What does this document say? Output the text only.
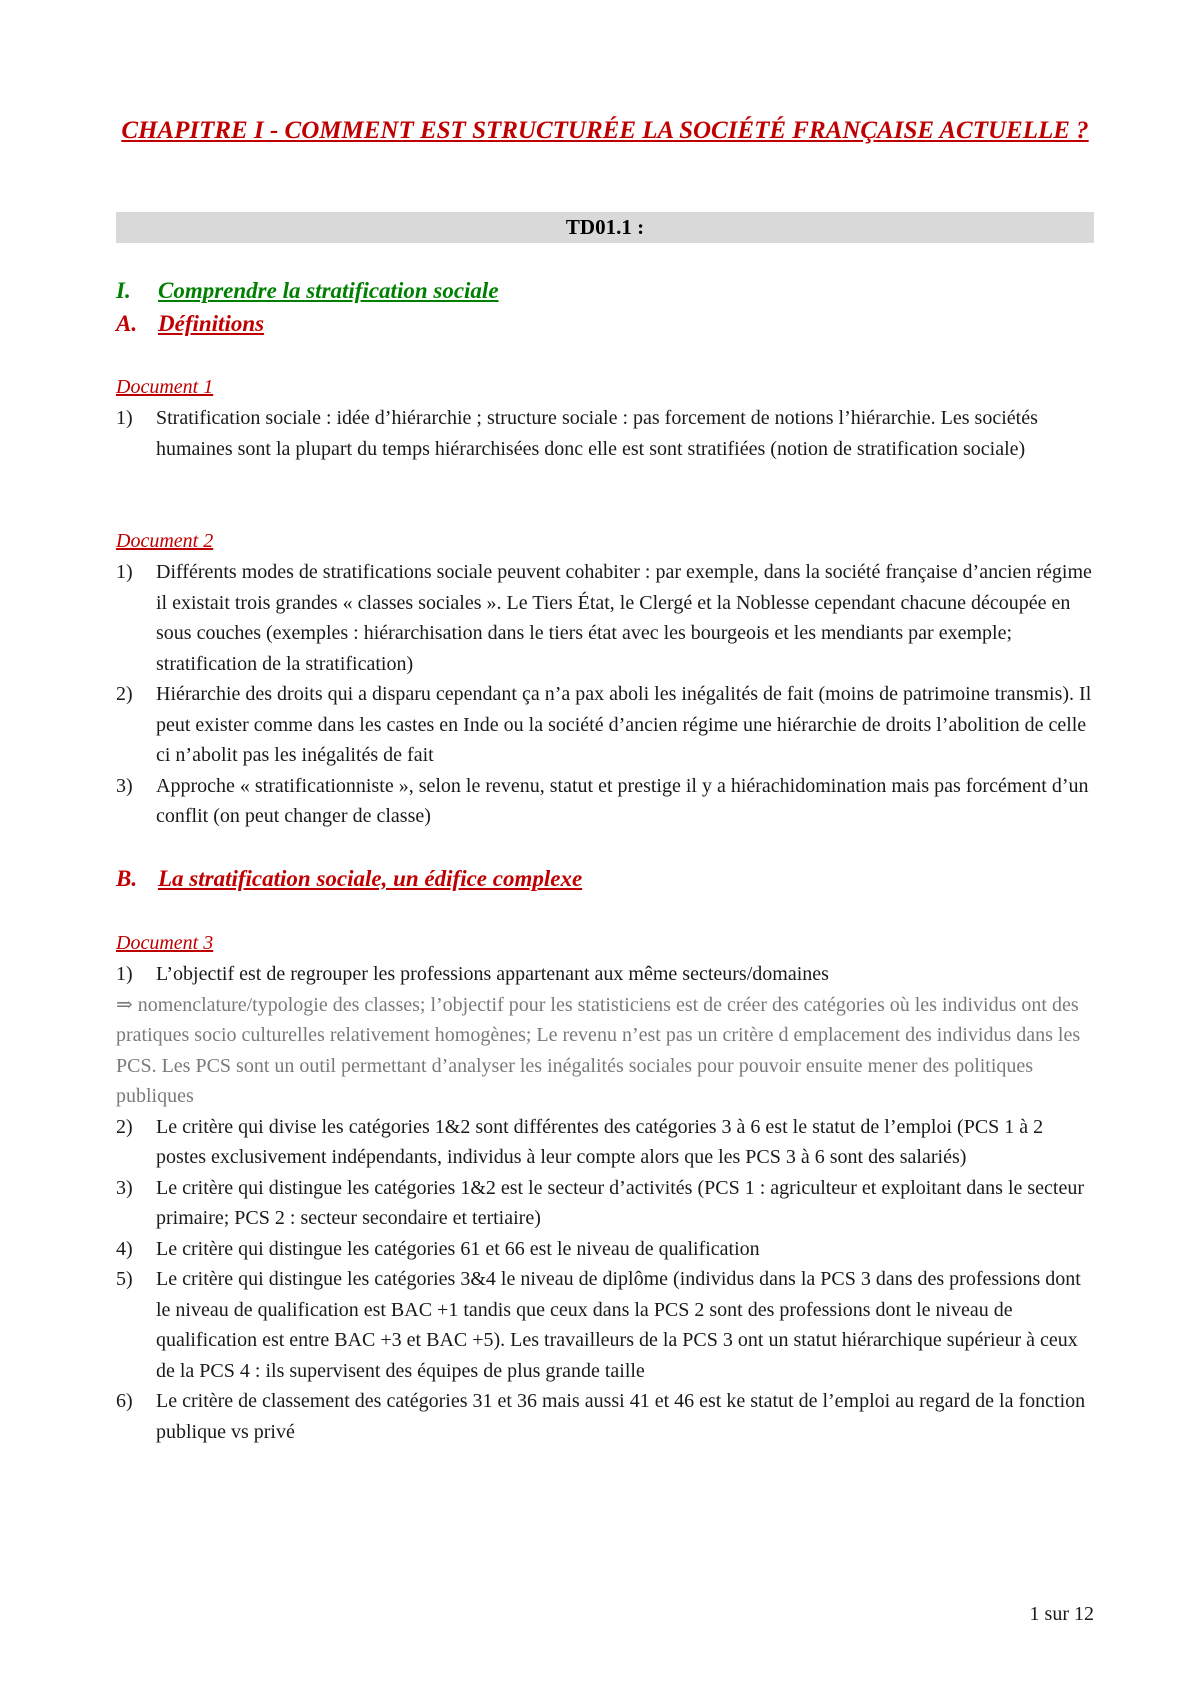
CHAPITRE I - COMMENT EST STRUCTURÉE LA SOCIÉTÉ FRANÇAISE ACTUELLE ?
TD01.1 :
I. Comprendre la stratification sociale
A. Définitions
Document 1
1) Stratification sociale : idée d’hiérarchie ; structure sociale : pas forcement de notions l’hiérarchie. Les sociétés humaines sont la plupart du temps hiérarchisées donc elle est sont stratifiées (notion de stratification sociale)
Document 2
1) Différents modes de stratifications sociale peuvent cohabiter : par exemple, dans la société française d’ancien régime il existait trois grandes « classes sociales ». Le Tiers État, le Clergé et la Noblesse cependant chacune découpée en sous couches (exemples : hiérarchisation dans le tiers état avec les bourgeois et les mendiants par exemple; stratification de la stratification)
2) Hiérarchie des droits qui a disparu cependant ça n’a pax aboli les inégalités de fait (moins de patrimoine transmis). Il peut exister comme dans les castes en Inde ou la société d’ancien régime une hiérarchie de droits l’abolition de celle ci n’abolit pas les inégalités de fait
3) Approche « stratificationniste », selon le revenu, statut et prestige il y a hiérachidomination mais pas forcément d’un conflit (on peut changer de classe)
B. La stratification sociale, un édifice complexe
Document 3
1) L’objectif est de regrouper les professions appartenant aux même secteurs/domaines
⇒ nomenclature/typologie des classes; l’objectif pour les statisticiens est de créer des catégories où les individus ont des pratiques socio culturelles relativement homogènes; Le revenu n’est pas un critère d emplacement des individus dans les PCS. Les PCS sont un outil permettant d’analyser les inégalités sociales pour pouvoir ensuite mener des politiques publiques
2) Le critère qui divise les catégories 1&2 sont différentes des catégories 3 à 6 est le statut de l’emploi (PCS 1 à 2 postes exclusivement indépendants, individus à leur compte alors que les PCS 3 à 6 sont des salariés)
3) Le critère qui distingue les catégories 1&2 est le secteur d’activités (PCS 1 : agriculteur et exploitant dans le secteur primaire; PCS 2 : secteur secondaire et tertiaire)
4) Le critère qui distingue les catégories 61 et 66 est le niveau de qualification
5) Le critère qui distingue les catégories 3&4 le niveau de diplôme (individus dans la PCS 3 dans des professions dont le niveau de qualification est BAC +1 tandis que ceux dans la PCS 2 sont des professions dont le niveau de qualification est entre BAC +3 et BAC +5). Les travailleurs de la PCS 3 ont un statut hiérarchique supérieur à ceux de la PCS 4 : ils supervisent des équipes de plus grande taille
6) Le critère de classement des catégories 31 et 36 mais aussi 41 et 46 est ke statut de l’emploi au regard de la fonction publique vs privé
1 sur 12
